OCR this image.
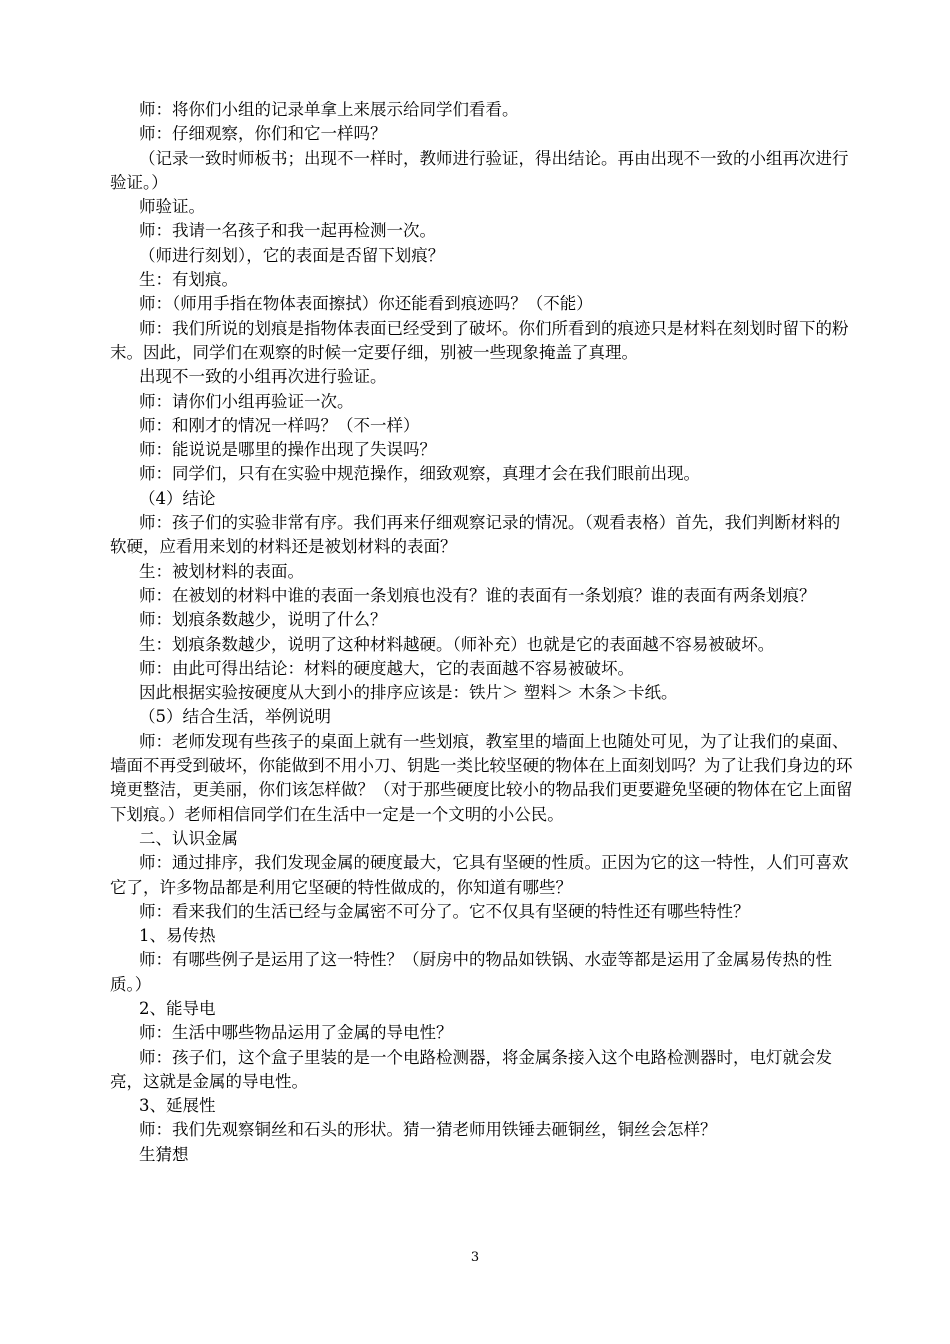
师：将你们小组的记录单拿上来展示给同学们看看。

师：仔细观察，你们和它一样吗？

（记录一致时师板书；出现不一样时，教师进行验证，得出结论。再由出现不一致的小组再次进行验证。）

师验证。

师：我请一名孩子和我一起再检测一次。

（师进行刻划），它的表面是否留下划痕？

生：有划痕。

师：（师用手指在物体表面擦拭）你还能看到痕迹吗？（不能）

师：我们所说的划痕是指物体表面已经受到了破坏。你们所看到的痕迹只是材料在刻划时留下的粉末。因此，同学们在观察的时候一定要仔细，别被一些现象掩盖了真理。

出现不一致的小组再次进行验证。

师：请你们小组再验证一次。

师：和刚才的情况一样吗？（不一样）

师：能说说是哪里的操作出现了失误吗？

师：同学们，只有在实验中规范操作，细致观察，真理才会在我们眼前出现。

（4）结论

师：孩子们的实验非常有序。我们再来仔细观察记录的情况。（观看表格）首先，我们判断材料的软硬，应看用来划的材料还是被划材料的表面？

生：被划材料的表面。

师：在被划的材料中谁的表面一条划痕也没有？谁的表面有一条划痕？谁的表面有两条划痕？

师：划痕条数越少，说明了什么？

生：划痕条数越少，说明了这种材料越硬。（师补充）也就是它的表面越不容易被破坏。

师：由此可得出结论：材料的硬度越大，它的表面越不容易被破坏。

因此根据实验按硬度从大到小的排序应该是：铁片＞ 塑料＞ 木条＞卡纸。

（5）结合生活，举例说明

师：老师发现有些孩子的桌面上就有一些划痕，教室里的墙面上也随处可见，为了让我们的桌面、墙面不再受到破坏，你能做到不用小刀、钥匙一类比较坚硬的物体在上面刻划吗？为了让我们身边的环境更整洁，更美丽，你们该怎样做？（对于那些硬度比较小的物品我们更要避免坚硬的物体在它上面留下划痕。）老师相信同学们在生活中一定是一个文明的小公民。

二、认识金属

师：通过排序，我们发现金属的硬度最大，它具有坚硬的性质。正因为它的这一特性，人们可喜欢它了，许多物品都是利用它坚硬的特性做成的，你知道有哪些？

师：看来我们的生活已经与金属密不可分了。它不仅具有坚硬的特性还有哪些特性？

1、易传热

师：有哪些例子是运用了这一特性？（厨房中的物品如铁锅、水壶等都是运用了金属易传热的性质。）

2、能导电

师：生活中哪些物品运用了金属的导电性？

师：孩子们，这个盒子里装的是一个电路检测器，将金属条接入这个电路检测器时，电灯就会发亮，这就是金属的导电性。

3、延展性

师：我们先观察铜丝和石头的形状。猜一猜老师用铁锤去砸铜丝，铜丝会怎样？

生猜想

3
